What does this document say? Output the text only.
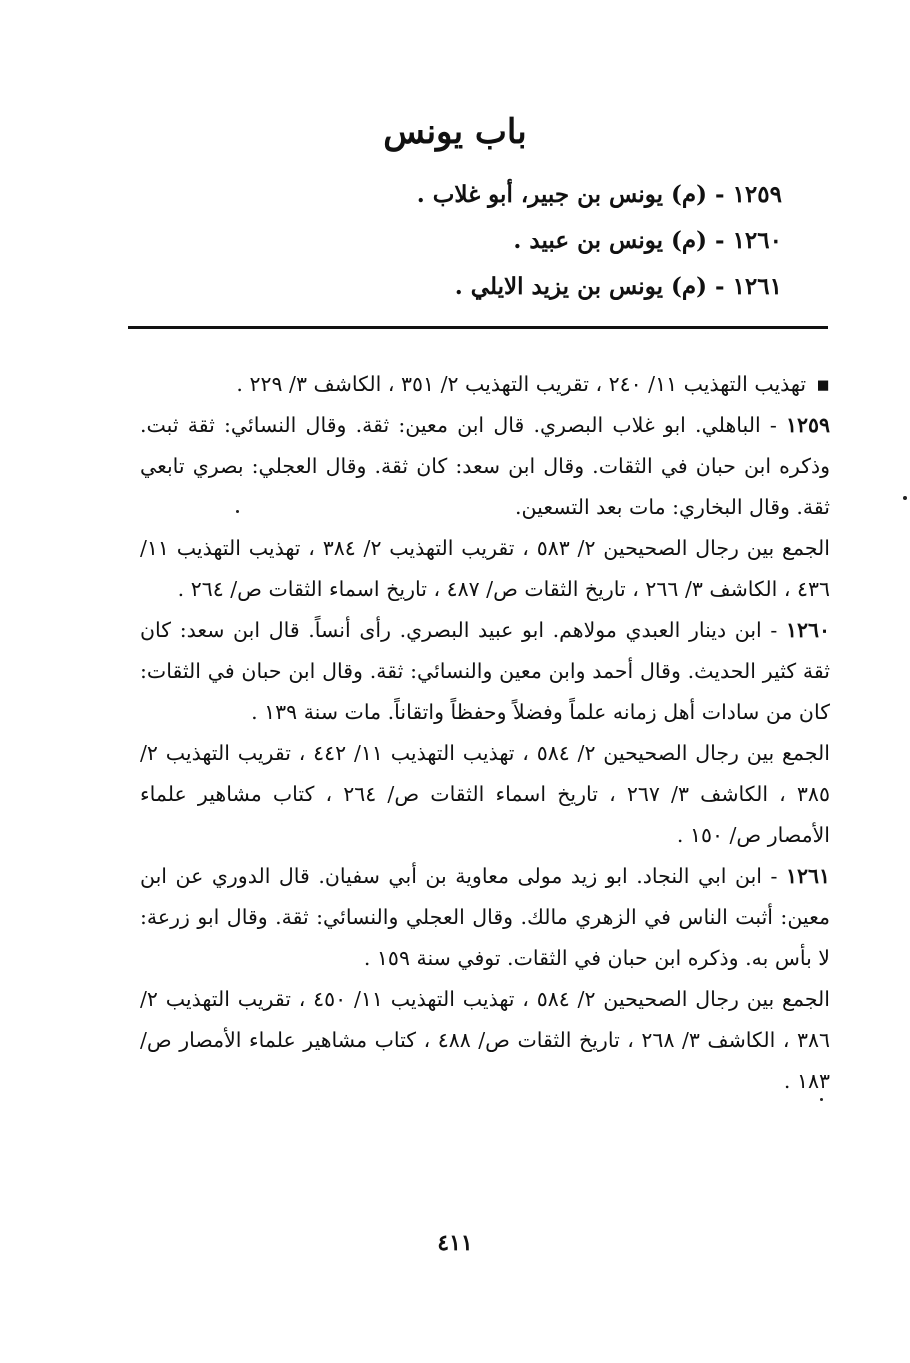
باب يونس
١٢٥٩ - (م) يونس بن جبير، أبو غلاب .
١٢٦٠ - (م) يونس بن عبيد .
١٢٦١ - (م) يونس بن يزيد الايلي .

▪تهذيب التهذيب ١١/ ٢٤٠ ، تقريب التهذيب ٢/ ٣٥١ ، الكاشف ٣/ ٢٢٩ .

١٢٥٩ - الباهلي. ابو غلاب البصري. قال ابن معين: ثقة. وقال النسائي: ثقة ثبت. وذكره ابن حبان في الثقات. وقال ابن سعد: كان ثقة. وقال العجلي: بصري تابعي ثقة. وقال البخاري: مات بعد التسعين.

الجمع بين رجال الصحيحين ٢/ ٥٨٣ ، تقريب التهذيب ٢/ ٣٨٤ ، تهذيب التهذيب ١١/ ٤٣٦ ، الكاشف ٣/ ٢٦٦ ، تاريخ الثقات ص/ ٤٨٧ ، تاريخ اسماء الثقات ص/ ٢٦٤ .

١٢٦٠ - ابن دينار العبدي مولاهم. ابو عبيد البصري. رأى أنساً. قال ابن سعد: كان ثقة كثير الحديث. وقال أحمد وابن معين والنسائي: ثقة. وقال ابن حبان في الثقات: كان من سادات أهل زمانه علماً وفضلاً وحفظاً واتقاناً. مات سنة ١٣٩ .

الجمع بين رجال الصحيحين ٢/ ٥٨٤ ، تهذيب التهذيب ١١/ ٤٤٢ ، تقريب التهذيب ٢/ ٣٨٥ ، الكاشف ٣/ ٢٦٧ ، تاريخ اسماء الثقات ص/ ٢٦٤ ، كتاب مشاهير علماء الأمصار ص/ ١٥٠ .

١٢٦١ - ابن ابي النجاد. ابو زيد مولى معاوية بن أبي سفيان. قال الدوري عن ابن معين: أثبت الناس في الزهري مالك. وقال العجلي والنسائي: ثقة. وقال ابو زرعة: لا بأس به. وذكره ابن حبان في الثقات. توفي سنة ١٥٩ .

الجمع بين رجال الصحيحين ٢/ ٥٨٤ ، تهذيب التهذيب ١١/ ٤٥٠ ، تقريب التهذيب ٢/ ٣٨٦ ، الكاشف ٣/ ٢٦٨ ، تاريخ الثقات ص/ ٤٨٨ ، كتاب مشاهير علماء الأمصار ص/ ١٨٣ .

٤١١
